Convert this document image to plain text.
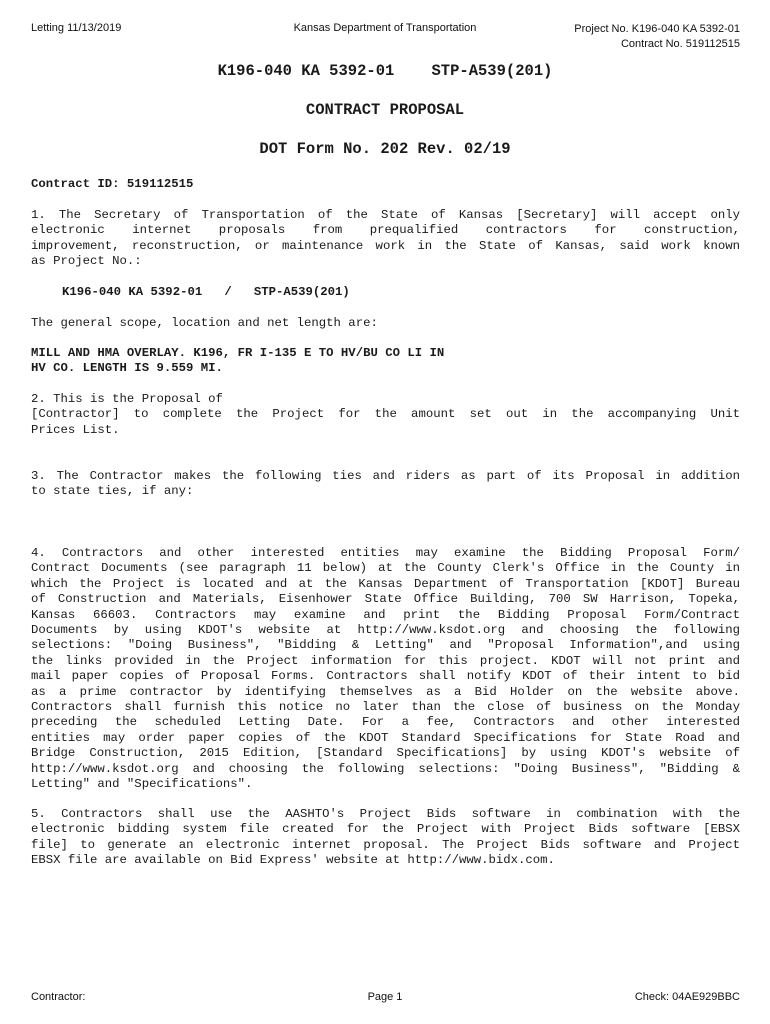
Letting 11/13/2019	Kansas Department of Transportation	Project No. K196-040 KA 5392-01
Contract No. 519112515
K196-040 KA 5392-01    STP-A539(201)
CONTRACT PROPOSAL
DOT Form No. 202 Rev. 02/19
Contract ID: 519112515
1. The Secretary of Transportation of the State of Kansas [Secretary] will accept only
electronic internet proposals from prequalified contractors for construction,
improvement, reconstruction, or maintenance work in the State of Kansas, said work known
as Project No.:
K196-040 KA 5392-01   /   STP-A539(201)
The general scope, location and net length are:
MILL AND HMA OVERLAY. K196, FR I-135 E TO HV/BU CO LI IN
HV CO. LENGTH IS 9.559 MI.
2. This is the Proposal of
[Contractor] to complete the Project for the amount set out in the accompanying Unit
Prices List.
3. The Contractor makes the following ties and riders as part of its Proposal in addition
to state ties, if any:
4. Contractors and other interested entities may examine the Bidding Proposal Form/
Contract Documents (see paragraph 11 below) at the County Clerk's Office in the County in
which the Project is located and at the Kansas Department of Transportation [KDOT] Bureau
of Construction and Materials, Eisenhower State Office Building, 700 SW Harrison, Topeka,
Kansas 66603. Contractors may examine and print the Bidding Proposal Form/Contract
Documents by using KDOT's website at http://www.ksdot.org and choosing the following
selections: "Doing Business", "Bidding & Letting" and "Proposal Information",and using
the links provided in the Project information for this project. KDOT will not print and
mail paper copies of Proposal Forms. Contractors shall notify KDOT of their intent to bid
as a prime contractor by identifying themselves as a Bid Holder on the website above.
Contractors shall furnish this notice no later than the close of business on the Monday
preceding the scheduled Letting Date. For a fee, Contractors and other interested
entities may order paper copies of the KDOT Standard Specifications for State Road and
Bridge Construction, 2015 Edition, [Standard Specifications] by using KDOT's website of
http://www.ksdot.org and choosing the following selections: "Doing Business", "Bidding &
Letting" and "Specifications".
5. Contractors shall use the AASHTO's Project Bids software in combination with the
electronic bidding system file created for the Project with Project Bids software [EBSX
file] to generate an electronic internet proposal. The Project Bids software and Project
EBSX file are available on Bid Express' website at http://www.bidx.com.
Contractor:	Page 1	Check: 04AE929BBC
